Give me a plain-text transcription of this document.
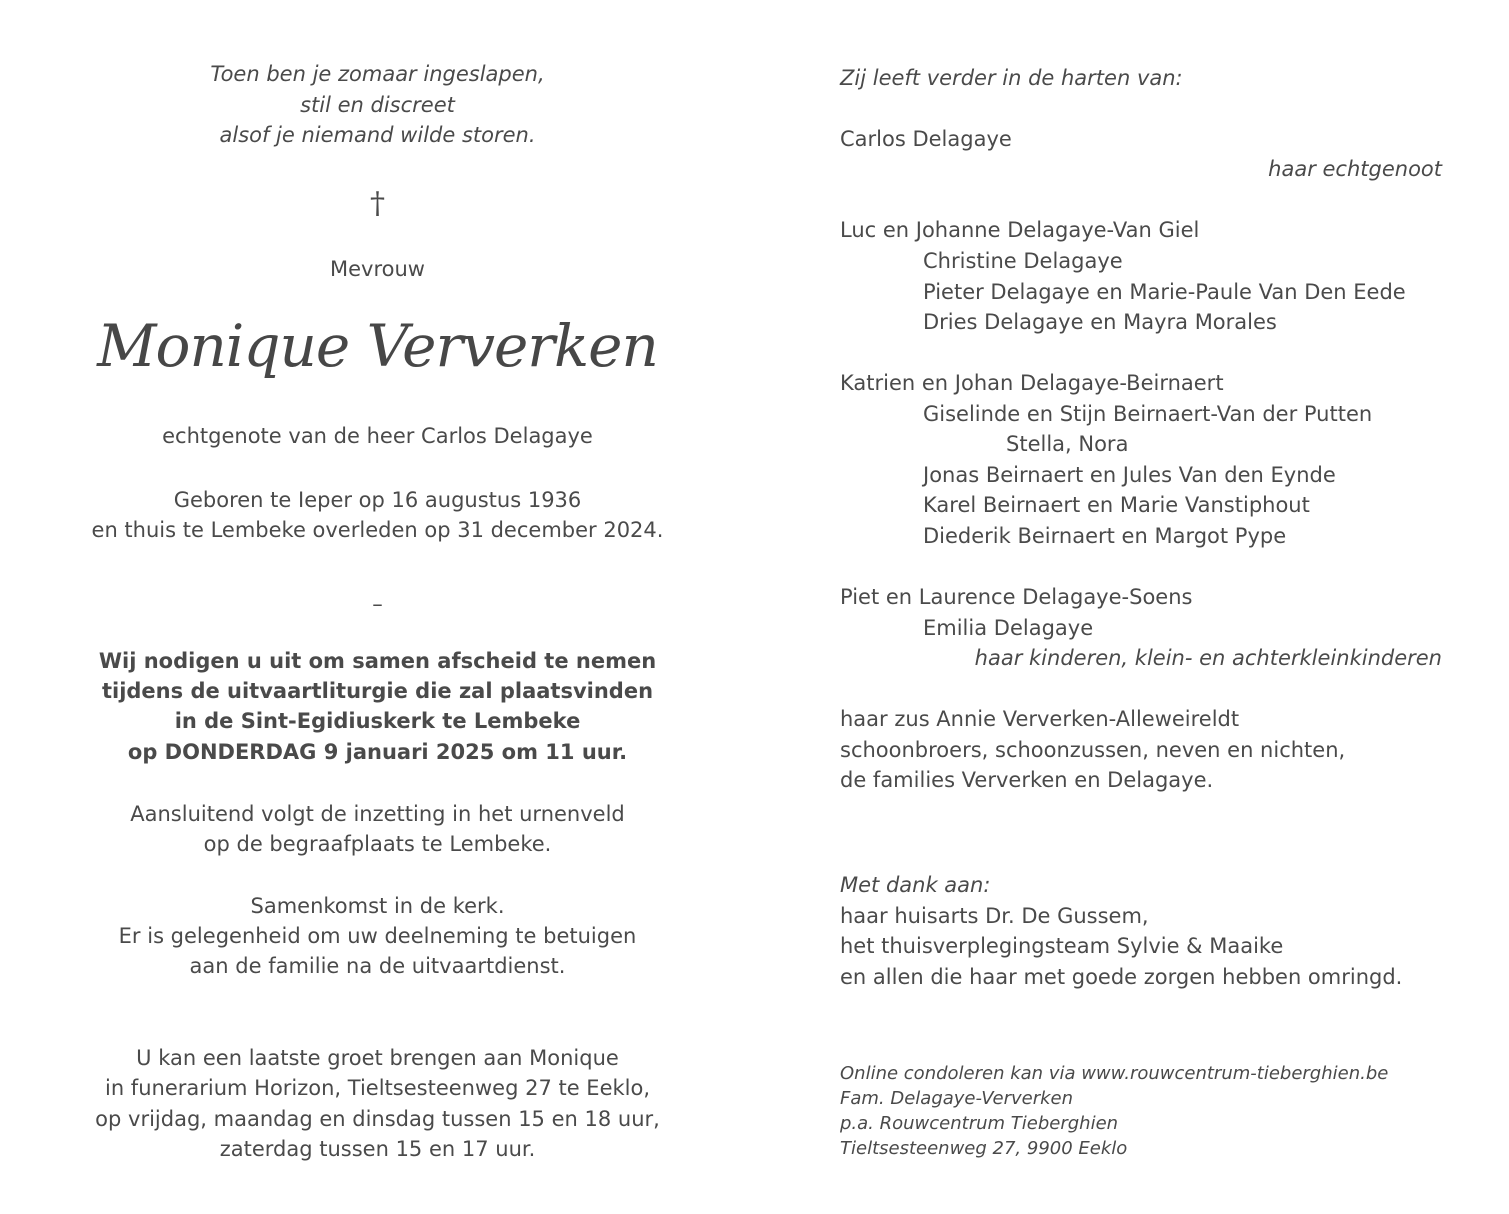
Toen ben je zomaar ingeslapen,
stil en discreet
alsof je niemand wilde storen.
†
Mevrouw
Monique Ververken
echtgenote van de heer Carlos Delagaye
Geboren te Ieper op 16 augustus 1936
en thuis te Lembeke overleden op 31 december 2024.
–
Wij nodigen u uit om samen afscheid te nemen
tijdens de uitvaartliturgie die zal plaatsvinden
in de Sint-Egidiuskerk te Lembeke
op DONDERDAG 9 januari 2025 om 11 uur.
Aansluitend volgt de inzetting in het urnenveld
op de begraafplaats te Lembeke.
Samenkomst in de kerk.
Er is gelegenheid om uw deelneming te betuigen
aan de familie na de uitvaartdienst.
U kan een laatste groet brengen aan Monique
in funerarium Horizon, Tieltsesteenweg 27 te Eeklo,
op vrijdag, maandag en dinsdag tussen 15 en 18 uur,
zaterdag tussen 15 en 17 uur.
Zij leeft verder in de harten van:
Carlos Delagaye
haar echtgenoot
Luc en Johanne Delagaye-Van Giel
Christine Delagaye
Pieter Delagaye en Marie-Paule Van Den Eede
Dries Delagaye en Mayra Morales
Katrien en Johan Delagaye-Beirnaert
Giselinde en Stijn Beirnaert-Van der Putten
Stella, Nora
Jonas Beirnaert en Jules Van den Eynde
Karel Beirnaert en Marie Vanstiphout
Diederik Beirnaert en Margot Pype
Piet en Laurence Delagaye-Soens
Emilia Delagaye
haar kinderen, klein- en achterkleinkinderen
haar zus Annie Ververken-Alleweireldt
schoonbroers, schoonzussen, neven en nichten,
de families Ververken en Delagaye.
Met dank aan:
haar huisarts Dr. De Gussem,
het thuisverplegingsteam Sylvie & Maaike
en allen die haar met goede zorgen hebben omringd.
Online condoleren kan via www.rouwcentrum-tieberghien.be
Fam. Delagaye-Ververken
p.a. Rouwcentrum Tieberghien
Tieltsesteenweg 27, 9900 Eeklo
